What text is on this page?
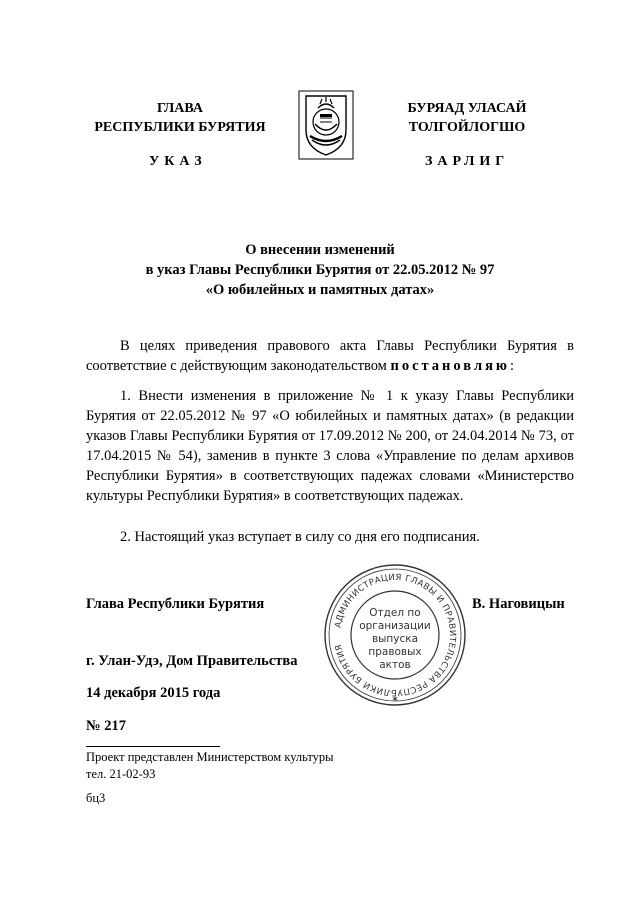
ГЛАВА
РЕСПУБЛИКИ БУРЯТИЯ
УКАЗ
БУРЯАД УЛАСАЙ
ТОЛГОЙЛОГШО
ЗАРЛИГ
О внесении изменений
в указ Главы Республики Бурятия от 22.05.2012 № 97
«О юбилейных и памятных датах»
В целях приведения правового акта Главы Республики Бурятия в соответствие с действующим законодательством постановляю:
1. Внести изменения в приложение № 1 к указу Главы Республики Бурятия от 22.05.2012 № 97 «О юбилейных и памятных датах» (в редакции указов Главы Республики Бурятия от 17.09.2012 № 200, от 24.04.2014 № 73, от 17.04.2015 № 54), заменив в пункте 3 слова «Управление по делам архивов Республики Бурятия» в соответствующих падежах словами «Министерство культуры Республики Бурятия» в соответствующих падежах.
2. Настоящий указ вступает в силу со дня его подписания.
Глава Республики Бурятия	В. Наговицын
АДМИНИСТРАЦИЯ ГЛАВЫ И ПРАВИТЕЛЬСТВА РЕСПУБЛИКИ БУРЯТИЯ
✶
Отдел по
организации
выпуска
правовых
актов
г. Улан-Удэ, Дом Правительства
14 декабря 2015 года
№ 217
Проект представлен Министерством культуры
тел. 21-02-93
бц3
